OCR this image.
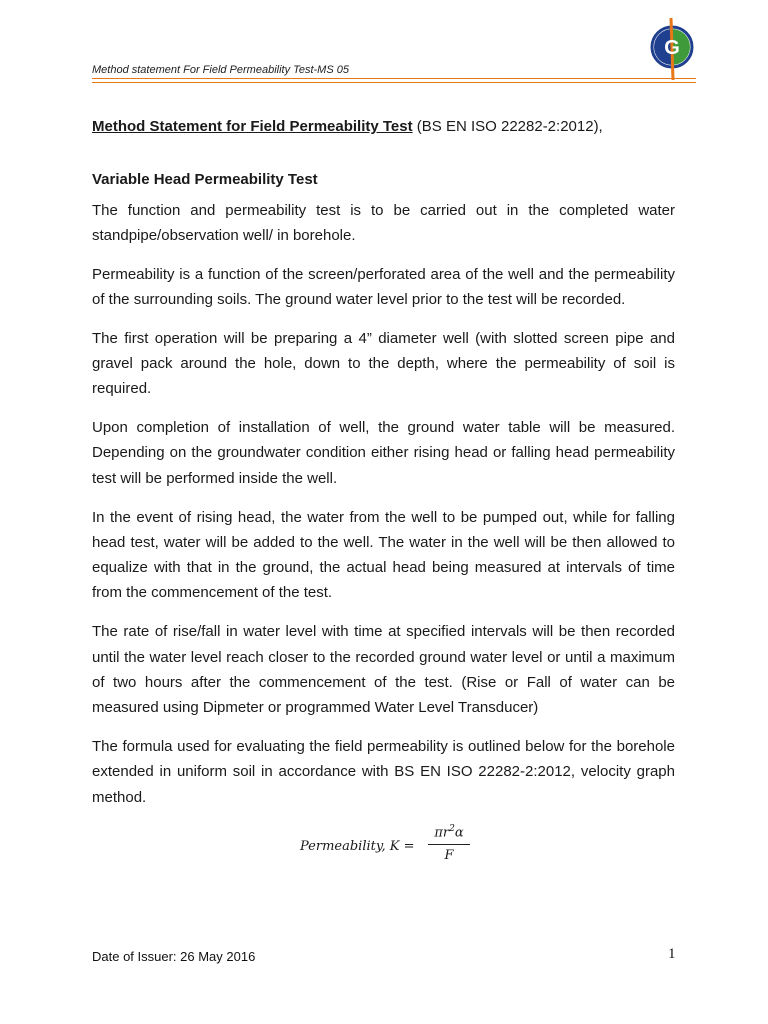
Method statement For Field Permeability Test-MS 05
G
Method Statement for Field Permeability Test (BS EN ISO 22282-2:2012),
Variable Head Permeability Test

The function and permeability test is to be carried out in the completed water standpipe/observation well/ in borehole.

Permeability is a function of the screen/perforated area of the well and the permeability of the surrounding soils. The ground water level prior to the test will be recorded.

The first operation will be preparing a 4” diameter well (with slotted screen pipe and gravel pack around the hole, down to the depth, where the permeability of soil is required.

Upon completion of installation of well, the ground water table will be measured. Depending on the groundwater condition either rising head or falling head permeability test will be performed inside the well.

In the event of rising head, the water from the well to be pumped out, while for falling head test, water will be added to the well. The water in the well will be then allowed to equalize with that in the ground, the actual head being measured at intervals of time from the commencement of the test.

The rate of rise/fall in water level with time at specified intervals will be then recorded until the water level reach closer to the recorded ground water level or until a maximum of two hours after the commencement of the test. (Rise or Fall of water can be measured using Dipmeter or programmed Water Level Transducer)

The formula used for evaluating the field permeability is outlined below for the borehole extended in uniform soil in accordance with BS EN ISO 22282-2:2012, velocity graph method.

Permeability, K =
$\pi r^2\alpha$
F
Date of Issuer: 26 May 2016	1
